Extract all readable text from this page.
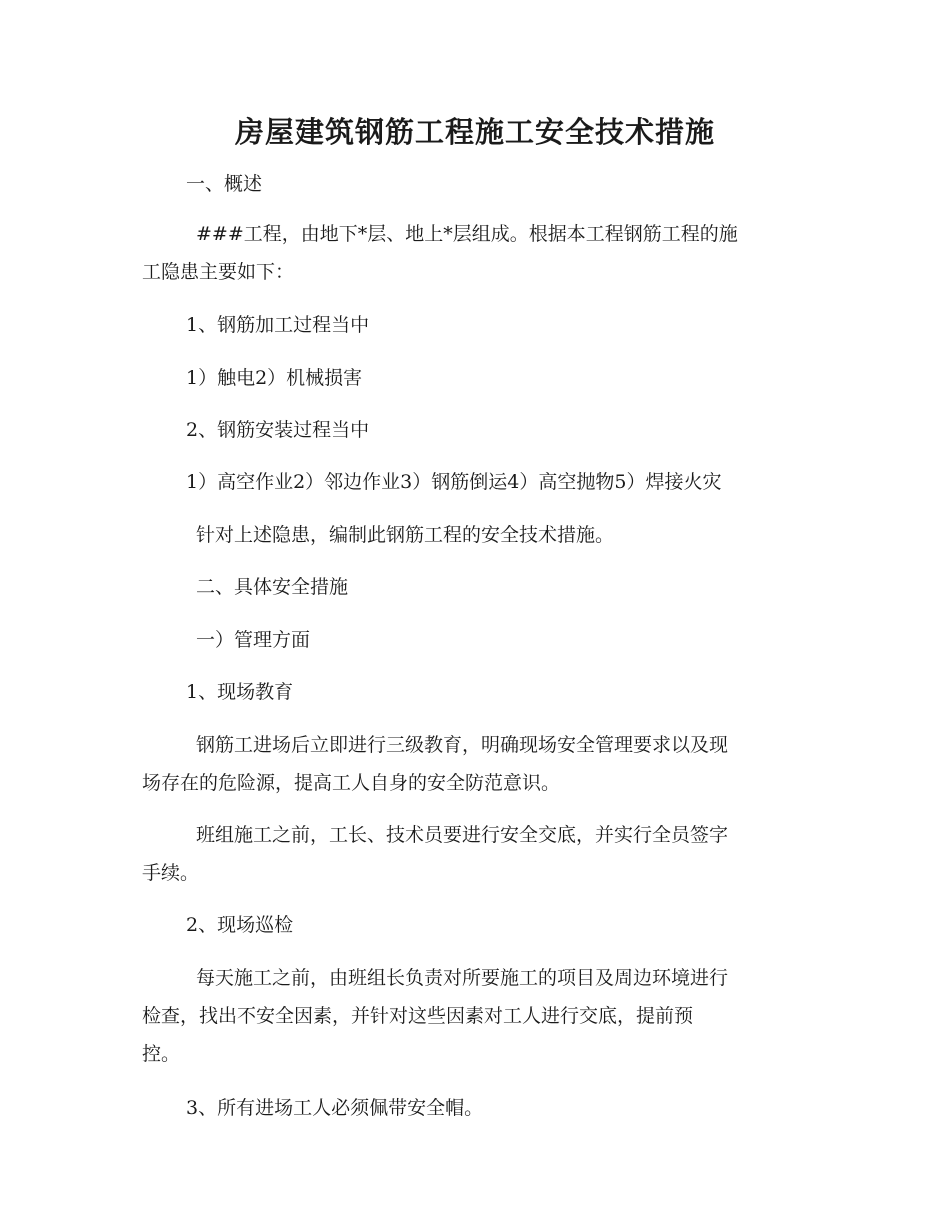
房屋建筑钢筋工程施工安全技术措施

一、概述

###工程，由地下*层、地上*层组成。根据本工程钢筋工程的施

工隐患主要如下：

1、钢筋加工过程当中

1）触电2）机械损害

2、钢筋安装过程当中

1）高空作业2）邻边作业3）钢筋倒运4）高空抛物5）焊接火灾

针对上述隐患，编制此钢筋工程的安全技术措施。

二、具体安全措施

一）管理方面

1、现场教育

钢筋工进场后立即进行三级教育，明确现场安全管理要求以及现

场存在的危险源，提高工人自身的安全防范意识。

班组施工之前，工长、技术员要进行安全交底，并实行全员签字

手续。

2、现场巡检

每天施工之前，由班组长负责对所要施工的项目及周边环境进行

检查，找出不安全因素，并针对这些因素对工人进行交底，提前预

控。

3、所有进场工人必须佩带安全帽。
